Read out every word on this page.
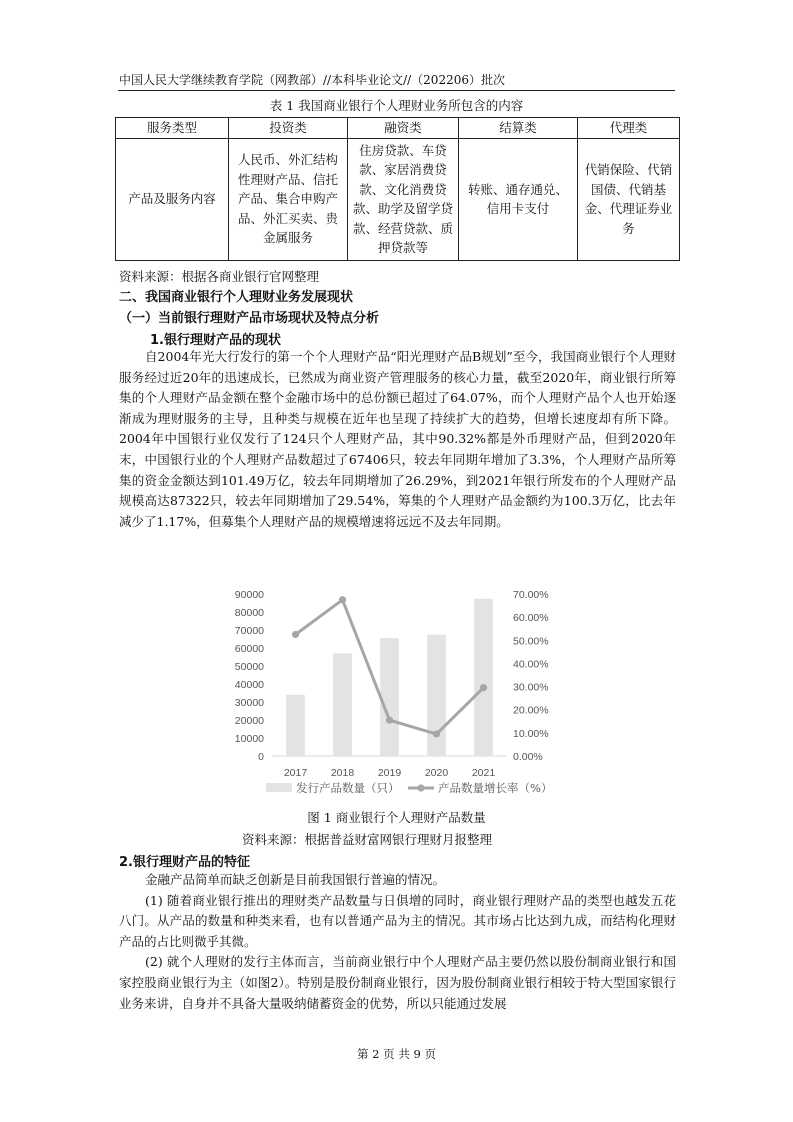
中国人民大学继续教育学院（网教部）//本科毕业论文//（202206）批次
表 1 我国商业银行个人理财业务所包含的内容
服务类型	投资类	融资类	结算类	代理类
产品及服务内容	人民币、外汇结构性理财产品、信托产品、集合申购产品、外汇买卖、贵金属服务	住房贷款、车贷款、家居消费贷款、文化消费贷款、助学及留学贷款、经营贷款、质押贷款等	转账、通存通兑、信用卡支付	代销保险、代销国债、代销基金、代理证券业务
资料来源：根据各商业银行官网整理
二、我国商业银行个人理财业务发展现状
（一）当前银行理财产品市场现状及特点分析
1.银行理财产品的现状
自2004年光大行发行的第一个个人理财产品“阳光理财产品B规划”至今，我国商业银行个人理财服务经过近20年的迅速成长，已然成为商业资产管理服务的核心力量，截至2020年，商业银行所筹集的个人理财产品金额在整个金融市场中的总份额已超过了64.07%，而个人理财产品个人也开始逐渐成为理财服务的主导，且种类与规模在近年也呈现了持续扩大的趋势，但增长速度却有所下降。2004年中国银行业仅发行了124只个人理财产品，其中90.32%都是外币理财产品，但到2020年末，中国银行业的个人理财产品数超过了67406只，较去年同期年增加了3.3%，个人理财产品所筹集的资金金额达到101.49万亿，较去年同期增加了26.29%，到2021年银行所发布的个人理财产品规模高达87322只，较去年同期增加了29.54%，筹集的个人理财产品金额约为100.3万亿，比去年减少了1.17%，但募集个人理财产品的规模增速将远远不及去年同期。
0
10000
20000
30000
40000
50000
60000
70000
80000
90000
0.00%
10.00%
20.00%
30.00%
40.00%
50.00%
60.00%
70.00%
2017 2018 2019 2020 2021
发行产品数量（只）	产品数量增长率（%）
图 1 商业银行个人理财产品数量
资料来源：根据普益财富网银行理财月报整理
2.银行理财产品的特征
金融产品简单而缺乏创新是目前我国银行普遍的情况。
(1) 随着商业银行推出的理财类产品数量与日俱增的同时，商业银行理财产品的类型也越发五花八门。从产品的数量和种类来看，也有以普通产品为主的情况。其市场占比达到九成，而结构化理财产品的占比则微乎其微。
(2) 就个人理财的发行主体而言，当前商业银行中个人理财产品主要仍然以股份制商业银行和国家控股商业银行为主（如图2）。特别是股份制商业银行，因为股份制商业银行相较于特大型国家银行业务来讲，自身并不具备大量吸纳储蓄资金的优势，所以只能通过发展
第 2 页 共 9 页
